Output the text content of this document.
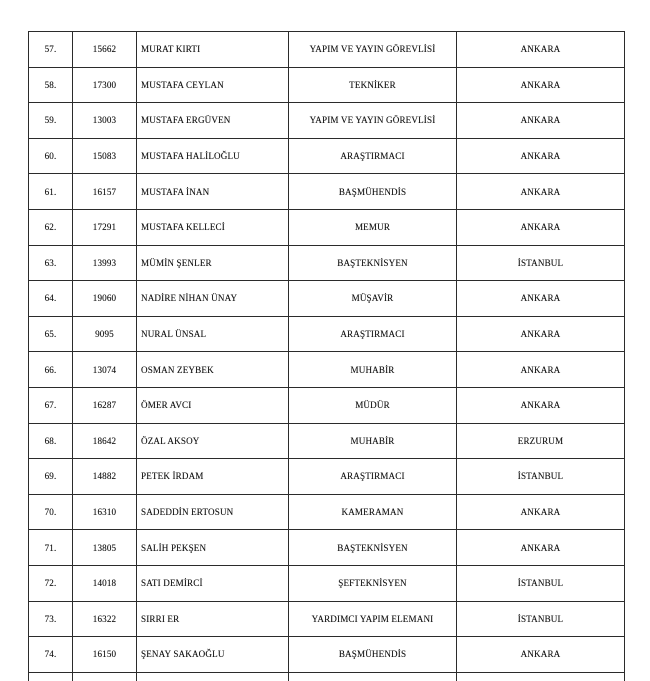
57.	15662	MURAT KIRTI	YAPIM VE YAYIN GÖREVLİSİ	ANKARA
58.	17300	MUSTAFA CEYLAN	TEKNİKER	ANKARA
59.	13003	MUSTAFA ERGÜVEN	YAPIM VE YAYIN GÖREVLİSİ	ANKARA
60.	15083	MUSTAFA HALİLOĞLU	ARAŞTIRMACI	ANKARA
61.	16157	MUSTAFA İNAN	BAŞMÜHENDİS	ANKARA
62.	17291	MUSTAFA KELLECİ	MEMUR	ANKARA
63.	13993	MÜMİN ŞENLER	BAŞTEKNİSYEN	İSTANBUL
64.	19060	NADİRE NİHAN ÜNAY	MÜŞAVİR	ANKARA
65.	9095	NURAL ÜNSAL	ARAŞTIRMACI	ANKARA
66.	13074	OSMAN ZEYBEK	MUHABİR	ANKARA
67.	16287	ÖMER AVCI	MÜDÜR	ANKARA
68.	18642	ÖZAL AKSOY	MUHABİR	ERZURUM
69.	14882	PETEK İRDAM	ARAŞTIRMACI	İSTANBUL
70.	16310	SADEDDİN ERTOSUN	KAMERAMAN	ANKARA
71.	13805	SALİH PEKŞEN	BAŞTEKNİSYEN	ANKARA
72.	14018	SATI DEMİRCİ	ŞEFTEKNİSYEN	İSTANBUL
73.	16322	SIRRI ER	YARDIMCI YAPIM ELEMANI	İSTANBUL
74.	16150	ŞENAY SAKAOĞLU	BAŞMÜHENDİS	ANKARA
